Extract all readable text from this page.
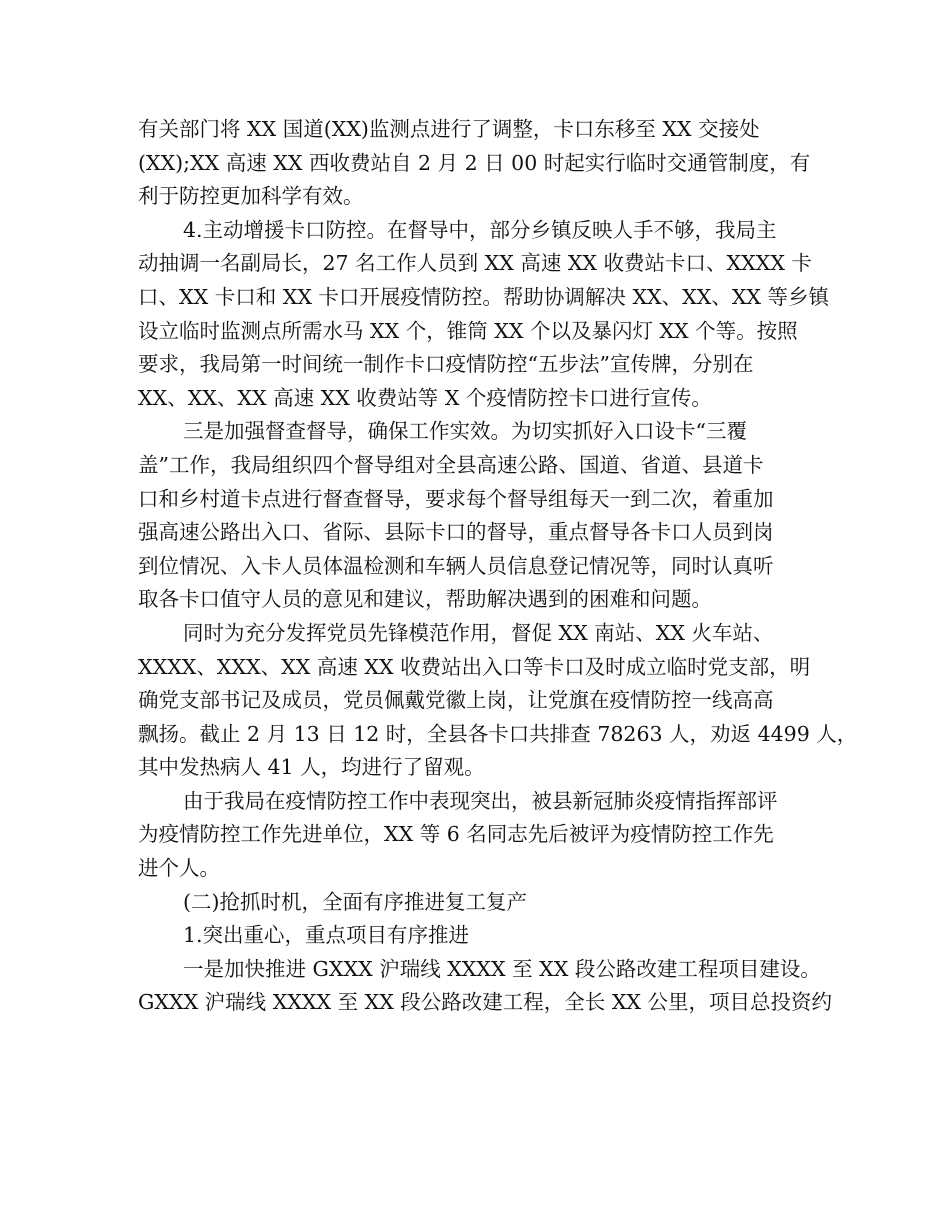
有关部门将 XX 国道(XX)监测点进行了调整，卡口东移至 XX 交接处
(XX);XX 高速 XX 西收费站自 2 月 2 日 00 时起实行临时交通管制度，有
利于防控更加科学有效。
4.主动增援卡口防控。在督导中，部分乡镇反映人手不够，我局主
动抽调一名副局长，27 名工作人员到 XX 高速 XX 收费站卡口、XXXX 卡
口、XX 卡口和 XX 卡口开展疫情防控。帮助协调解决 XX、XX、XX 等乡镇
设立临时监测点所需水马 XX 个，锥筒 XX 个以及暴闪灯 XX 个等。按照
要求，我局第一时间统一制作卡口疫情防控“五步法”宣传牌，分别在
XX、XX、XX 高速 XX 收费站等 X 个疫情防控卡口进行宣传。
三是加强督查督导，确保工作实效。为切实抓好入口设卡“三覆
盖”工作，我局组织四个督导组对全县高速公路、国道、省道、县道卡
口和乡村道卡点进行督查督导，要求每个督导组每天一到二次，着重加
强高速公路出入口、省际、县际卡口的督导，重点督导各卡口人员到岗
到位情况、入卡人员体温检测和车辆人员信息登记情况等，同时认真听
取各卡口值守人员的意见和建议，帮助解决遇到的困难和问题。
同时为充分发挥党员先锋模范作用，督促 XX 南站、XX 火车站、
XXXX、XXX、XX 高速 XX 收费站出入口等卡口及时成立临时党支部，明
确党支部书记及成员，党员佩戴党徽上岗，让党旗在疫情防控一线高高
飘扬。截止 2 月 13 日 12 时，全县各卡口共排查 78263 人，劝返 4499 人，
其中发热病人 41 人，均进行了留观。
由于我局在疫情防控工作中表现突出，被县新冠肺炎疫情指挥部评
为疫情防控工作先进单位，XX 等 6 名同志先后被评为疫情防控工作先
进个人。
(二)抢抓时机，全面有序推进复工复产
1.突出重心，重点项目有序推进
一是加快推进 GXXX 沪瑞线 XXXX 至 XX 段公路改建工程项目建设。
GXXX 沪瑞线 XXXX 至 XX 段公路改建工程，全长 XX 公里，项目总投资约
